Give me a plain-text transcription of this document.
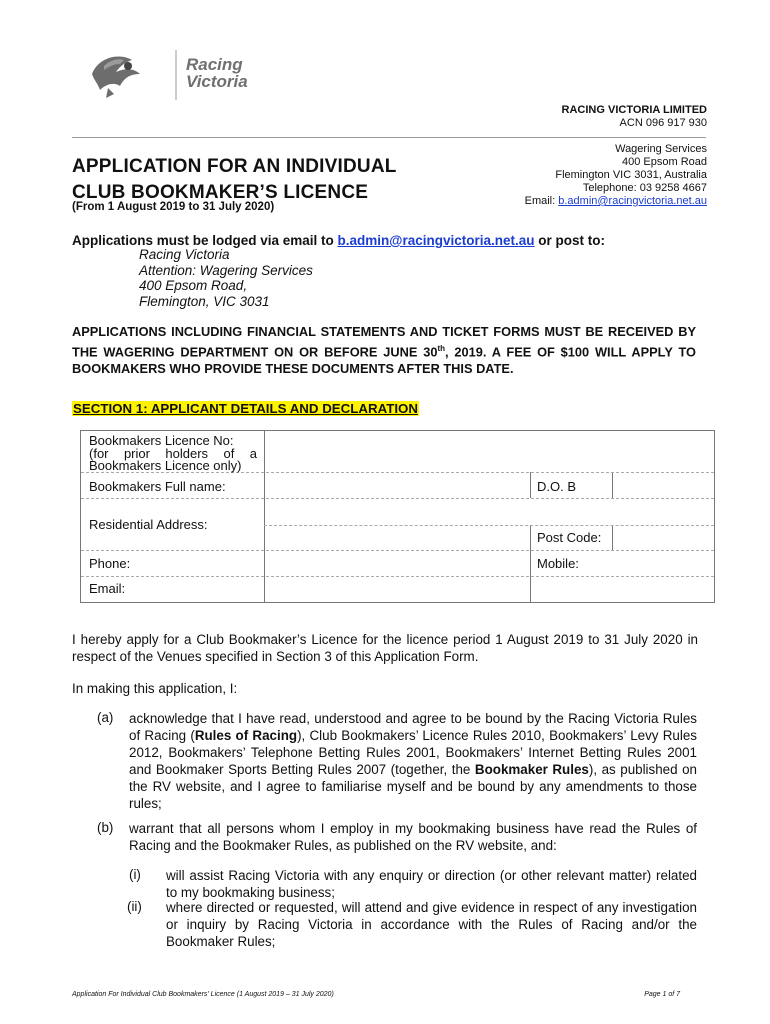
Racing
Victoria
RACING VICTORIA LIMITED
ACN 096 917 930
Wagering Services
400 Epsom Road
Flemington VIC 3031, Australia
Telephone: 03 9258 4667
Email: b.admin@racingvictoria.net.au
APPLICATION FOR AN INDIVIDUAL
CLUB BOOKMAKER’S LICENCE
(From 1 August 2019 to 31 July 2020)
Applications must be lodged via email to b.admin@racingvictoria.net.au or post to:
Racing Victoria
Attention: Wagering Services
400 Epsom Road,
Flemington, VIC 3031
APPLICATIONS INCLUDING FINANCIAL STATEMENTS AND TICKET FORMS MUST BE RECEIVED BY THE WAGERING DEPARTMENT ON OR BEFORE JUNE 30th, 2019. A FEE OF $100 WILL APPLY TO BOOKMAKERS WHO PROVIDE THESE DOCUMENTS AFTER THIS DATE.
SECTION 1: APPLICANT DETAILS AND DECLARATION
Bookmakers Licence No:
(for prior holders of a Bookmakers Licence only)
Bookmakers Full name:	D.O. B
Residential Address:
Post Code:
Phone:	Mobile:
Email:
I hereby apply for a Club Bookmaker’s Licence for the licence period 1 August 2019 to 31 July 2020 in respect of the Venues specified in Section 3 of this Application Form.
In making this application, I:
(a) acknowledge that I have read, understood and agree to be bound by the Racing Victoria Rules of Racing (Rules of Racing), Club Bookmakers’ Licence Rules 2010, Bookmakers’ Levy Rules 2012, Bookmakers’ Telephone Betting Rules 2001, Bookmakers’ Internet Betting Rules 2001 and Bookmaker Sports Betting Rules 2007 (together, the Bookmaker Rules), as published on the RV website, and I agree to familiarise myself and be bound by any amendments to those rules;
(b) warrant that all persons whom I employ in my bookmaking business have read the Rules of Racing and the Bookmaker Rules, as published on the RV website, and:
(i) will assist Racing Victoria with any enquiry or direction (or other relevant matter) related to my bookmaking business;
(ii) where directed or requested, will attend and give evidence in respect of any investigation or inquiry by Racing Victoria in accordance with the Rules of Racing and/or the Bookmaker Rules;
Application For Individual Club Bookmakers' Licence (1 August 2019 – 31 July 2020)	Page 1 of 7
